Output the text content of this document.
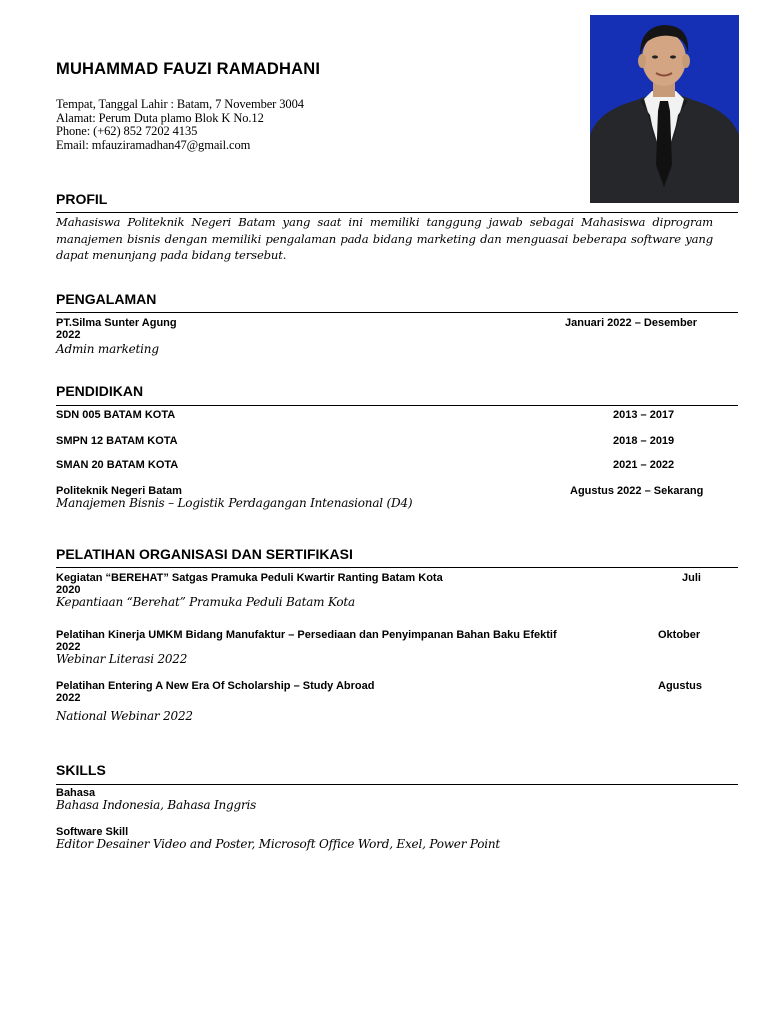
MUHAMMAD FAUZI RAMADHANI
Tempat, Tanggal Lahir : Batam, 7 November 3004
Alamat: Perum Duta plamo Blok K No.12
Phone: (+62) 852 7202 4135
Email: mfauziramadhan47@gmail.com
PROFIL
Mahasiswa Politeknik Negeri Batam yang saat ini memiliki tanggung jawab sebagai Mahasiswa diprogram manajemen bisnis dengan memiliki pengalaman pada bidang marketing dan menguasai beberapa software yang dapat menunjang pada bidang tersebut.
PENGALAMAN
PT.Silma Sunter Agung	Januari 2022 – Desember
2022
Admin marketing
PENDIDIKAN
SDN 005 BATAM KOTA	2013 – 2017
SMPN 12 BATAM KOTA	2018 – 2019
SMAN 20 BATAM KOTA	2021 – 2022
Politeknik Negeri Batam	Agustus 2022 – Sekarang
Manajemen Bisnis – Logistik Perdagangan Intenasional (D4)
PELATIHAN ORGANISASI DAN SERTIFIKASI
Kegiatan “BEREHAT” Satgas Pramuka Peduli Kwartir Ranting Batam Kota	Juli
2020
Kepantiaan “Berehat” Pramuka Peduli Batam Kota
Pelatihan Kinerja UMKM Bidang Manufaktur – Persediaan dan Penyimpanan Bahan Baku Efektif	Oktober
2022
Webinar Literasi 2022
Pelatihan Entering A New Era Of Scholarship – Study Abroad	Agustus
2022
National Webinar 2022
SKILLS
Bahasa
Bahasa Indonesia, Bahasa Inggris
Software Skill
Editor Desainer Video and Poster, Microsoft Office Word, Exel, Power Point
